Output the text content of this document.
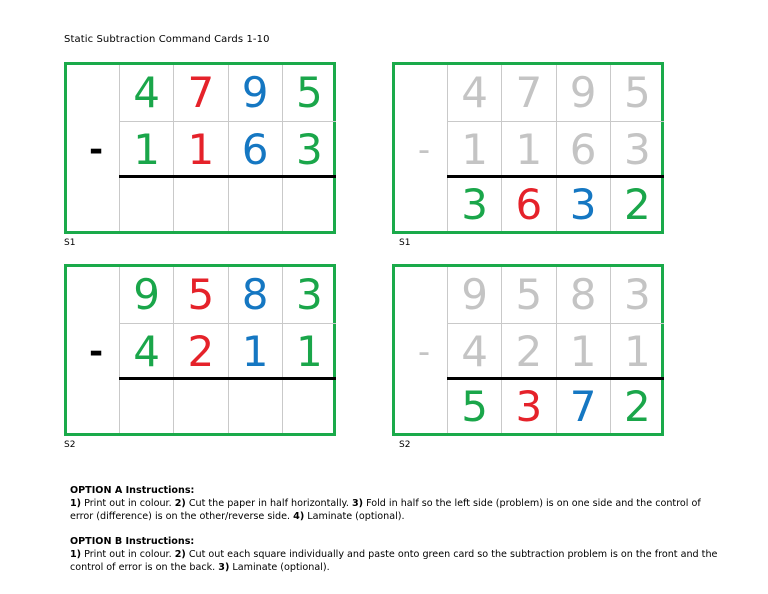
Static Subtraction Command Cards 1-10
-
4 7 9 5
1 1 6 3
S1
-
4 7 9 5
1 1 6 3
3 6 3 2
S1
-
9 5 8 3
4 2 1 1
S2
-
9 5 8 3
4 2 1 1
5 3 7 2
S2

OPTION A Instructions:

1) Print out in colour. 2) Cut the paper in half horizontally. 3) Fold in half so the left side (problem) is on one side and the control of error (difference) is on the other/reverse side. 4) Laminate (optional).

OPTION B Instructions:

1) Print out in colour. 2) Cut out each square individually and paste onto green card so the subtraction problem is on the front and the control of error is on the back. 3) Laminate (optional).
